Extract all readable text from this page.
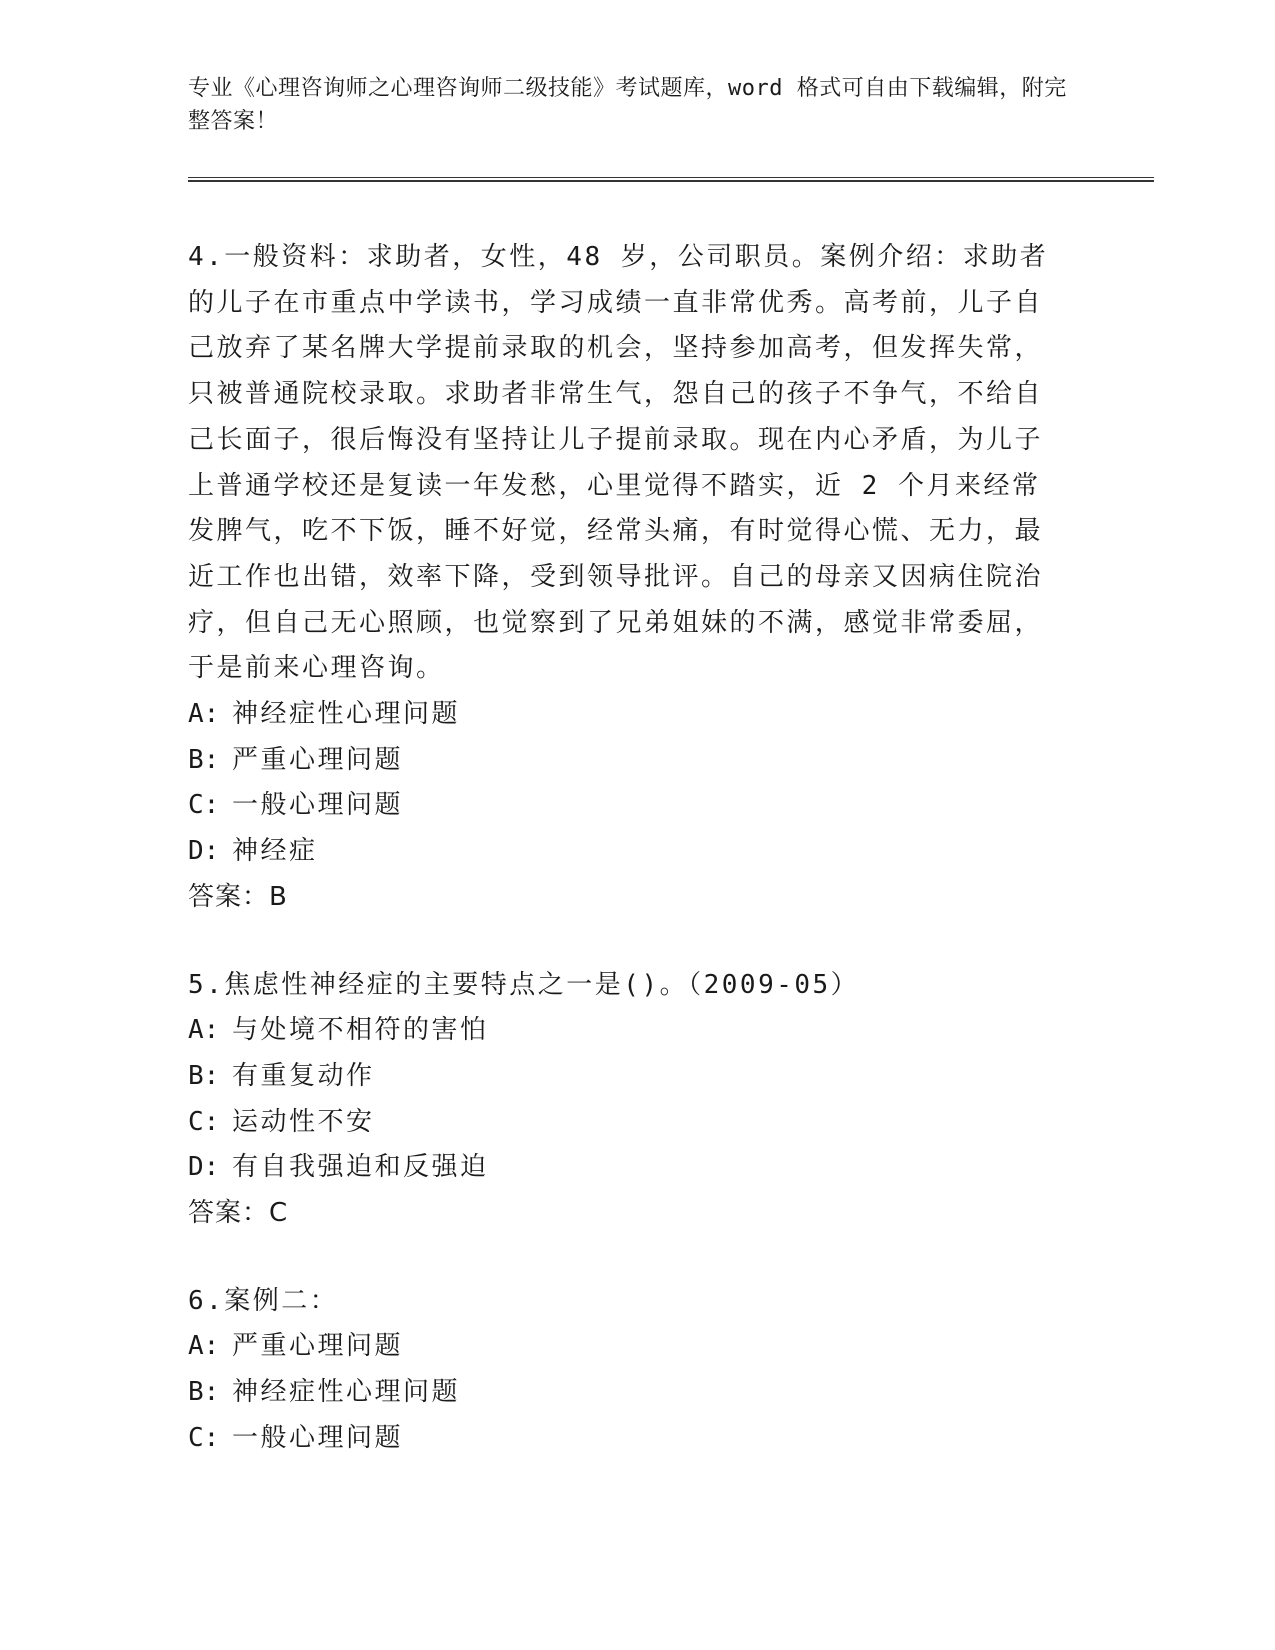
专业《心理咨询师之心理咨询师二级技能》考试题库，word 格式可自由下载编辑，附完整答案！
4.一般资料：求助者，女性，48 岁，公司职员。案例介绍：求助者的儿子在市重点中学读书，学习成绩一直非常优秀。高考前，儿子自己放弃了某名牌大学提前录取的机会，坚持参加高考，但发挥失常，只被普通院校录取。求助者非常生气，怨自己的孩子不争气，不给自己长面子，很后悔没有坚持让儿子提前录取。现在内心矛盾，为儿子上普通学校还是复读一年发愁，心里觉得不踏实，近 2 个月来经常发脾气，吃不下饭，睡不好觉，经常头痛，有时觉得心慌、无力，最近工作也出错，效率下降，受到领导批评。自己的母亲又因病住院治疗，但自己无心照顾，也觉察到了兄弟姐妹的不满，感觉非常委屈，于是前来心理咨询。
A: 神经症性心理问题
B: 严重心理问题
C: 一般心理问题
D: 神经症
答案：B
5.焦虑性神经症的主要特点之一是()。（2009-05）
A: 与处境不相符的害怕
B: 有重复动作
C: 运动性不安
D: 有自我强迫和反强迫
答案：C
6.案例二：
A: 严重心理问题
B: 神经症性心理问题
C: 一般心理问题
